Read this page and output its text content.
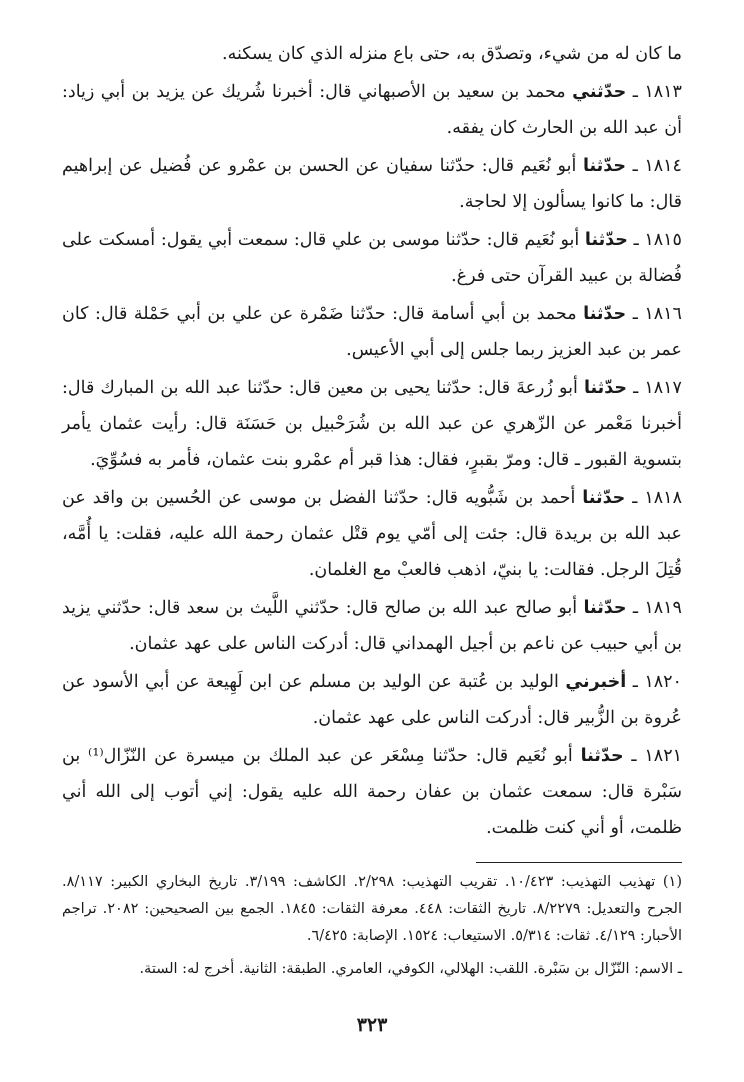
ما كان له من شيء، وتصدّق به، حتى باع منزله الذي كان يسكنه.

١٨١٣ ـ حدّثني محمد بن سعيد بن الأصبهاني قال: أخبرنا شُريك عن يزيد بن أبي زياد: أن عبد الله بن الحارث كان يفقه.

١٨١٤ ـ حدّثنا أبو نُعَيم قال: حدّثنا سفيان عن الحسن بن عمْرو عن فُضيل عن إبراهيم قال: ما كانوا يسألون إلا لحاجة.

١٨١٥ ـ حدّثنا أبو نُعَيم قال: حدّثنا موسى بن علي قال: سمعت أبي يقول: أمسكت على فُضالة بن عبيد القرآن حتى فرغ.

١٨١٦ ـ حدّثنا محمد بن أبي أسامة قال: حدّثنا ضَمْرة عن علي بن أبي حَمْلة قال: كان عمر بن عبد العزيز ربما جلس إلى أبي الأعيس.

١٨١٧ ـ حدّثنا أبو زُرعةَ قال: حدّثنا يحيى بن معين قال: حدّثنا عبد الله بن المبارك قال: أخبرنا مَعْمر عن الزّهري عن عبد الله بن شُرَحْبيل بن حَسَنَة قال: رأيت عثمان يأمر بتسوية القبور ـ قال: ومرّ بقبرٍ، فقال: هذا قبر أم عمْرو بنت عثمان، فأمر به فسُوِّيَ.

١٨١٨ ـ حدّثنا أحمد بن شَبُّويه قال: حدّثنا الفضل بن موسى عن الحُسين بن واقد عن عبد الله بن بريدة قال: جئت إلى أمّي يوم قتْل عثمان رحمة الله عليه، فقلت: يا أُمَّه، قُتِلَ الرجل. فقالت: يا بنيّ، اذهب فالعبْ مع الغلمان.

١٨١٩ ـ حدّثنا أبو صالح عبد الله بن صالح قال: حدّثني اللَّيث بن سعد قال: حدّثني يزيد بن أبي حبيب عن ناعم بن أجيل الهمداني قال: أدركت الناس على عهد عثمان.

١٨٢٠ ـ أخبرني الوليد بن عُتبة عن الوليد بن مسلم عن ابن لَهِيعة عن أبي الأسود عن عُروة بن الزُّبير قال: أدركت الناس على عهد عثمان.

١٨٢١ ـ حدّثنا أبو نُعَيم قال: حدّثنا مِسْعَر عن عبد الملك بن ميسرة عن النّزّال⁽¹⁾ بن سَبْرة قال: سمعت عثمان بن عفان رحمة الله عليه يقول: إني أتوب إلى الله أني ظلمت، أو أني كنت ظلمت.

(١) تهذيب التهذيب: ١٠/٤٢٣. تقريب التهذيب: ٢/٢٩٨. الكاشف: ٣/١٩٩. تاريخ البخاري الكبير: ٨/١١٧. الجرح والتعديل: ٨/٢٢٧٩. تاريخ الثقات: ٤٤٨. معرفة الثقات: ١٨٤٥. الجمع بين الصحيحين: ٢٠٨٢. تراجم الأحبار: ٤/١٢٩. ثقات: ٥/٣١٤. الاستيعاب: ١٥٢٤. الإصابة: ٦/٤٢٥.

ـ الاسم: النّزّال بن سَبْرة. اللقب: الهلالي، الكوفي، العامري. الطبقة: الثانية. أخرج له: الستة.

٣٢٣
